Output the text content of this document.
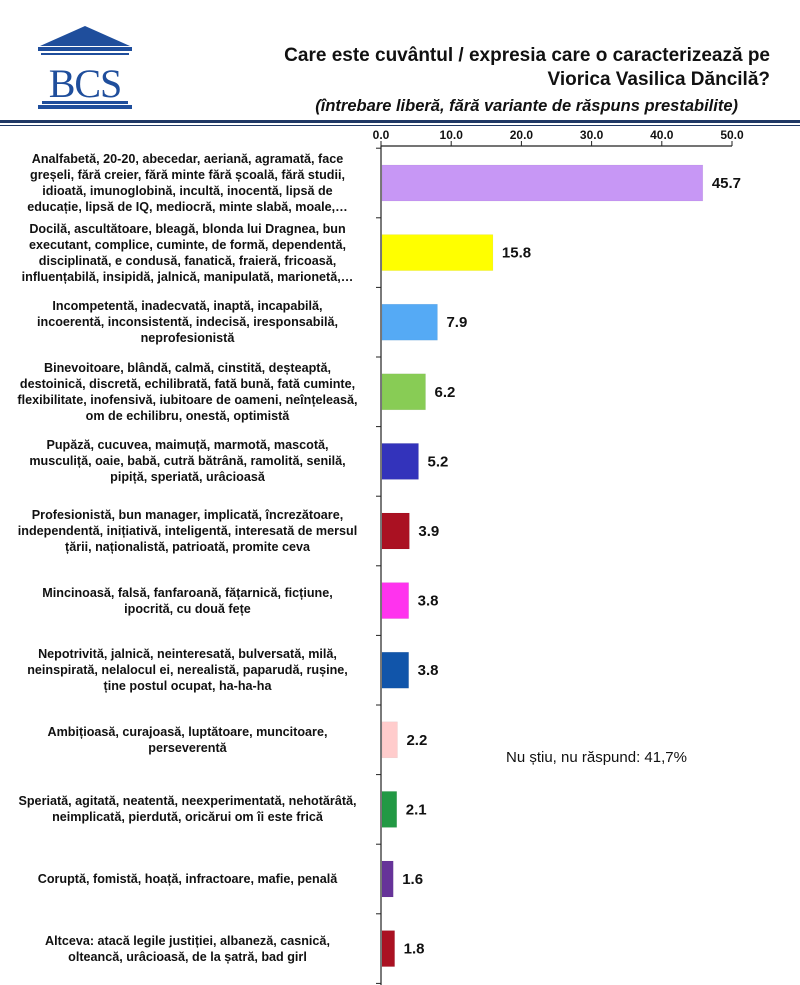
BCS
Care este cuvântul / expresia care o caracterizează pe
Viorica Vasilica Dăncilă?
(întrebare liberă, fără variante de răspuns prestabilite)
0.0	10.0	20.0	30.0	40.0	50.0
45.7
15.8
7.9
6.2
5.2
3.9
3.8
3.8
2.2
2.1
1.6
1.8
Analfabetă, 20-20, abecedar, aeriană, agramată, face
greșeli, fără creier, fără minte fără școală, fără studii,
idioată, imunoglobină, incultă, inocentă, lipsă de
educație, lipsă de IQ, mediocră, minte slabă, moale,…
Docilă, ascultătoare, bleagă, blonda lui Dragnea, bun
executant, complice, cuminte, de formă, dependentă,
disciplinată, e condusă, fanatică, fraieră, fricoasă,
influențabilă, insipidă, jalnică, manipulată, marionetă,…
Incompetentă, inadecvată, inaptă, incapabilă,
incoerentă, inconsistentă, indecisă, iresponsabilă,
neprofesionistă
Binevoitoare, blândă, calmă, cinstită, deșteaptă,
destoinică, discretă, echilibrată, fată bună, fată cuminte,
flexibilitate, inofensivă, iubitoare de oameni, neînțeleasă,
om de echilibru, onestă, optimistă
Pupăză, cucuvea, maimuță, marmotă, mascotă,
musculiță, oaie, babă, cutră bătrână, ramolită, senilă,
pipiță, speriată, urâcioasă
Profesionistă, bun manager, implicată, încrezătoare,
independentă, inițiativă, inteligentă, interesată de mersul
țării, naționalistă, patrioată, promite ceva
Mincinoasă, falsă, fanfaroană, fățarnică, ficțiune,
ipocrită, cu două fețe
Nepotrivită, jalnică, neinteresată, bulversată, milă,
neinspirată, nelalocul ei, nerealistă, paparudă, rușine,
ține postul ocupat, ha-ha-ha
Ambițioasă, curajoasă, luptătoare, muncitoare,
perseverentă
Speriată, agitată, neatentă, neexperimentată, nehotărâtă,
neimplicată, pierdută, oricărui om îi este frică
Coruptă, fomistă, hoață, infractoare, mafie, penală
Altceva: atacă legile justiției, albaneză, casnică,
olteancă, urâcioasă, de la șatră, bad girl
Nu știu, nu răspund: 41,7%
